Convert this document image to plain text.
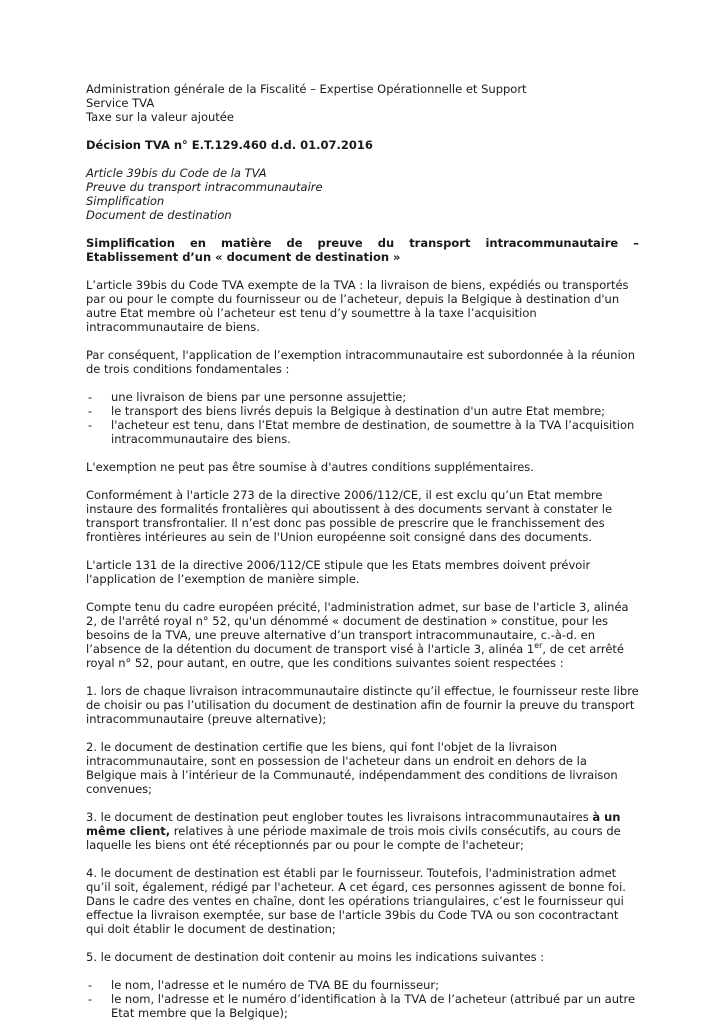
Administration générale de la Fiscalité – Expertise Opérationnelle et Support

Service TVA

Taxe sur la valeur ajoutée

Décision TVA n° E.T.129.460 d.d. 01.07.2016

Article 39bis du Code de la TVA

Preuve du transport intracommunautaire

Simplification

Document de destination

Simplification en matière de preuve du transport intracommunautaire – Etablissement d’un « document de destination »

L’article 39bis du Code TVA exempte de la TVA : la livraison de biens, expédiés ou transportés par ou pour le compte du fournisseur ou de l’acheteur, depuis la Belgique à destination d'un autre Etat membre où l’acheteur est tenu d’y soumettre à la taxe l’acquisition intracommunautaire de biens.

Par conséquent, l'application de l’exemption intracommunautaire est subordonnée à la réunion de trois conditions fondamentales :

- une livraison de biens par une personne assujettie;
- le transport des biens livrés depuis la Belgique à destination d'un autre Etat membre;
- l'acheteur est tenu, dans l’Etat membre de destination, de soumettre à la TVA l’acquisition intracommunautaire des biens.

L'exemption ne peut pas être soumise à d'autres conditions supplémentaires.

Conformément à l'article 273 de la directive 2006/112/CE, il est exclu qu’un Etat membre instaure des formalités frontalières qui aboutissent à des documents servant à constater le transport transfrontalier. Il n’est donc pas possible de prescrire que le franchissement des frontières intérieures au sein de l'Union européenne soit consigné dans des documents.

L'article 131 de la directive 2006/112/CE stipule que les Etats membres doivent prévoir l'application de l’exemption de manière simple.

Compte tenu du cadre européen précité, l'administration admet, sur base de l'article 3, alinéa 2, de l'arrêté royal n° 52, qu'un dénommé « document de destination » constitue, pour les besoins de la TVA, une preuve alternative d’un transport intracommunautaire, c.-à-d. en l’absence de la détention du document de transport visé à l'article 3, alinéa 1er, de cet arrêté royal n° 52, pour autant, en outre, que les conditions suivantes soient respectées :

1. lors de chaque livraison intracommunautaire distincte qu’il effectue, le fournisseur reste libre de choisir ou pas l’utilisation du document de destination afin de fournir la preuve du transport intracommunautaire (preuve alternative);

2. le document de destination certifie que les biens, qui font l'objet de la livraison intracommunautaire, sont en possession de l'acheteur dans un endroit en dehors de la Belgique mais à l’intérieur de la Communauté, indépendamment des conditions de livraison convenues;

3. le document de destination peut englober toutes les livraisons intracommunautaires à un même client, relatives à une période maximale de trois mois civils consécutifs, au cours de laquelle les biens ont été réceptionnés par ou pour le compte de l'acheteur;

4. le document de destination est établi par le fournisseur. Toutefois, l'administration admet qu’il soit, également, rédigé par l'acheteur. A cet égard, ces personnes agissent de bonne foi. Dans le cadre des ventes en chaîne, dont les opérations triangulaires, c’est le fournisseur qui effectue la livraison exemptée, sur base de l'article 39bis du Code TVA ou son cocontractant qui doit établir le document de destination;

5. le document de destination doit contenir au moins les indications suivantes :

- le nom, l'adresse et le numéro de TVA BE du fournisseur;
- le nom, l'adresse et le numéro d’identification à la TVA de l’acheteur (attribué par un autre Etat membre que la Belgique);
